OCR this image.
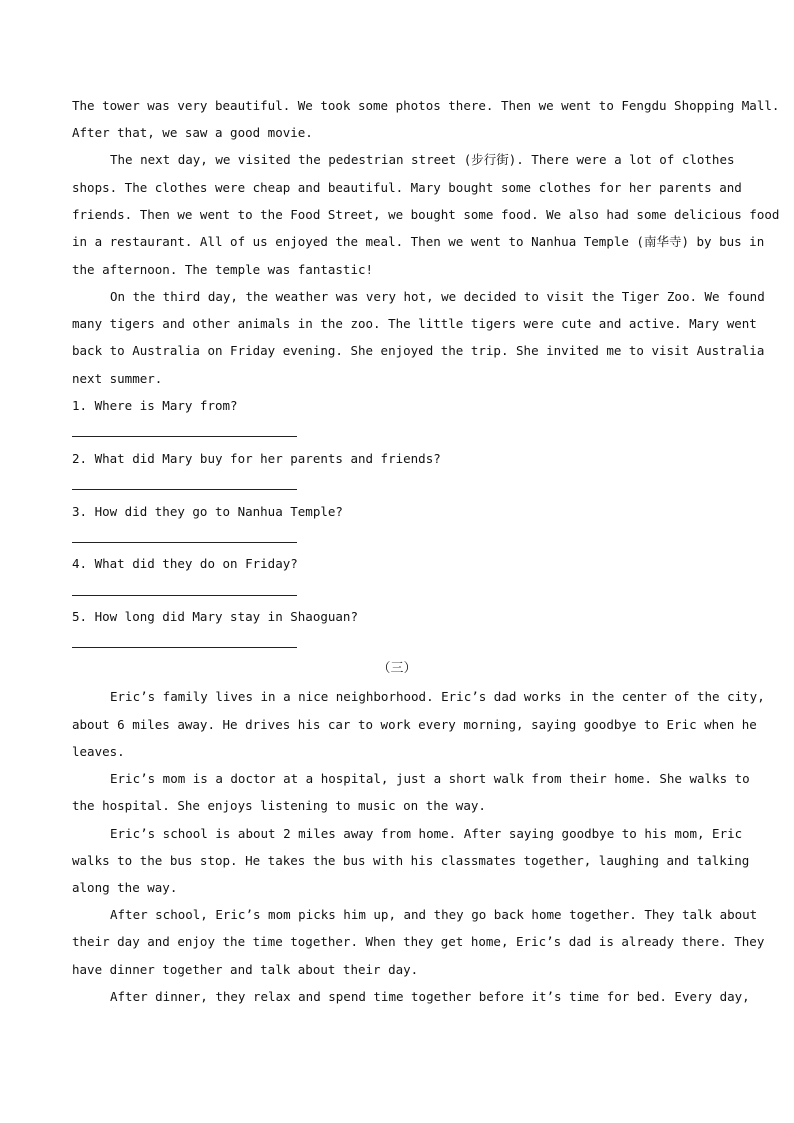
The tower was very beautiful. We took some photos there. Then we went to Fengdu Shopping Mall.
After that, we saw a good movie.
The next day, we visited the pedestrian street (步行街). There were a lot of clothes
shops. The clothes were cheap and beautiful. Mary bought some clothes for her parents and
friends. Then we went to the Food Street, we bought some food. We also had some delicious food
in a restaurant. All of us enjoyed the meal. Then we went to Nanhua Temple (南华寺) by bus in
the afternoon. The temple was fantastic!
On the third day, the weather was very hot, we decided to visit the Tiger Zoo. We found
many tigers and other animals in the zoo. The little tigers were cute and active. Mary went
back to Australia on Friday evening. She enjoyed the trip. She invited me to visit Australia
next summer.
1. Where is Mary from?
2. What did Mary buy for her parents and friends?
3. How did they go to Nanhua Temple?
4. What did they do on Friday?
5. How long did Mary stay in Shaoguan?
（三）
Eric’s family lives in a nice neighborhood. Eric’s dad works in the center of the city,
about 6 miles away. He drives his car to work every morning, saying goodbye to Eric when he
leaves.
Eric’s mom is a doctor at a hospital, just a short walk from their home. She walks to
the hospital. She enjoys listening to music on the way.
Eric’s school is about 2 miles away from home. After saying goodbye to his mom, Eric
walks to the bus stop. He takes the bus with his classmates together, laughing and talking
along the way.
After school, Eric’s mom picks him up, and they go back home together. They talk about
their day and enjoy the time together. When they get home, Eric’s dad is already there. They
have dinner together and talk about their day.
After dinner, they relax and spend time together before it’s time for bed. Every day,
